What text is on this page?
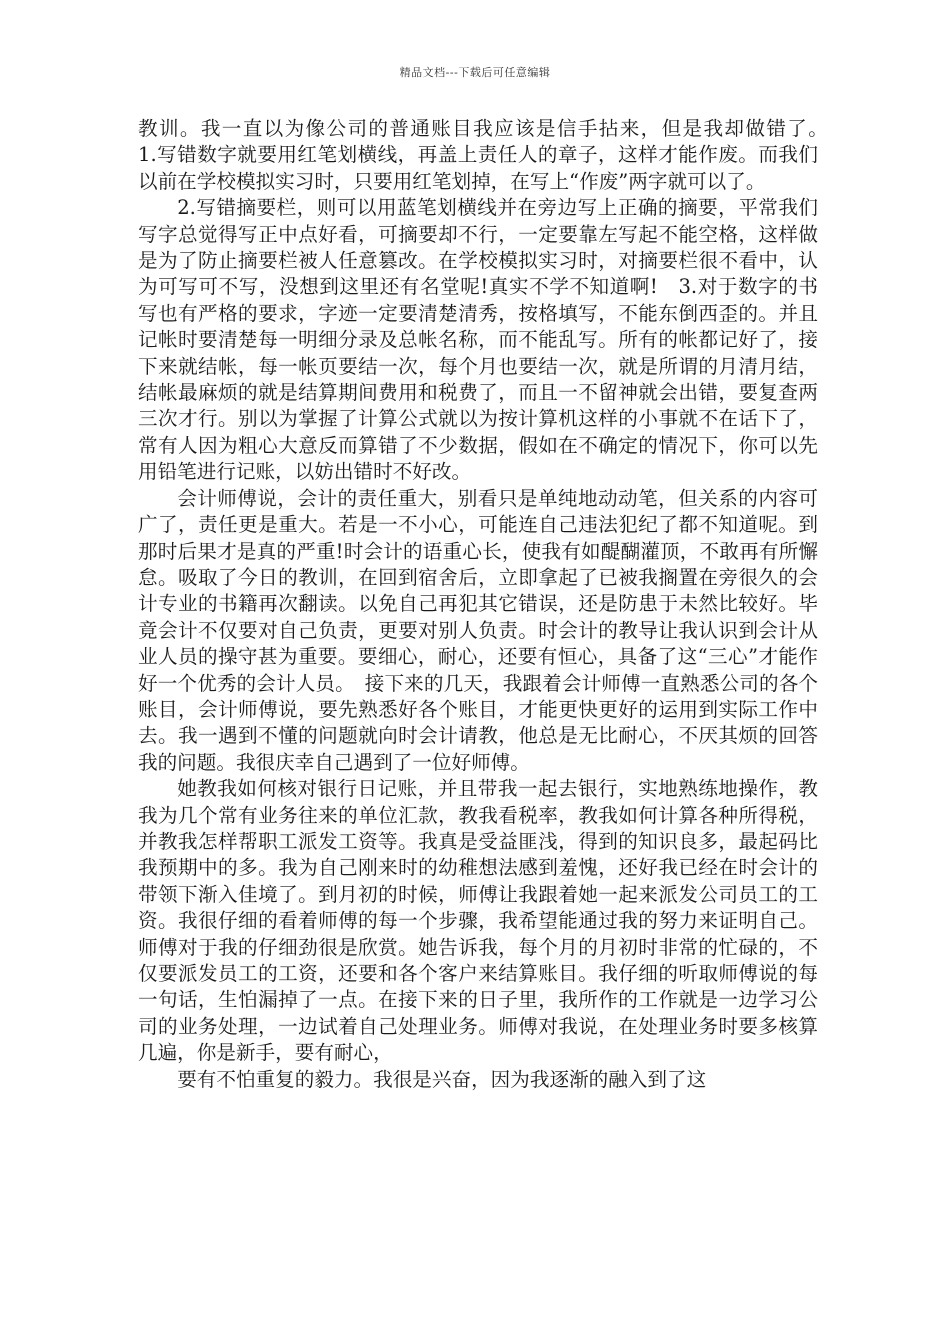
精品文档---下载后可任意编辑

教训。我一直以为像公司的普通账目我应该是信手拈来，但是我却做错了。　 1.写错数字就要用红笔划横线，再盖上责任人的章子，这样才能作废。而我们以前在学校模拟实习时，只要用红笔划掉，在写上“作废”两字就可以了。

2.写错摘要栏，则可以用蓝笔划横线并在旁边写上正确的摘要，平常我们写字总觉得写正中点好看，可摘要却不行，一定要靠左写起不能空格，这样做是为了防止摘要栏被人任意篡改。在学校模拟实习时，对摘要栏很不看中，认为可写可不写，没想到这里还有名堂呢!真实不学不知道啊!　3.对于数字的书写也有严格的要求，字迹一定要清楚清秀，按格填写，不能东倒西歪的。并且记帐时要清楚每一明细分录及总帐名称，而不能乱写。所有的帐都记好了，接下来就结帐，每一帐页要结一次，每个月也要结一次，就是所谓的月清月结，结帐最麻烦的就是结算期间费用和税费了，而且一不留神就会出错，要复查两三次才行。别以为掌握了计算公式就以为按计算机这样的小事就不在话下了，常有人因为粗心大意反而算错了不少数据，假如在不确定的情况下，你可以先用铅笔进行记账，以妨出错时不好改。

会计师傅说，会计的责任重大，别看只是单纯地动动笔，但关系的内容可广了，责任更是重大。若是一不小心，可能连自己违法犯纪了都不知道呢。到那时后果才是真的严重!时会计的语重心长，使我有如醍醐灌顶，不敢再有所懈怠。吸取了今日的教训，在回到宿舍后，立即拿起了已被我搁置在旁很久的会计专业的书籍再次翻读。以免自己再犯其它错误，还是防患于未然比较好。毕竟会计不仅要对自己负责，更要对别人负责。时会计的教导让我认识到会计从业人员的操守甚为重要。要细心，耐心，还要有恒心，具备了这“三心”才能作好一个优秀的会计人员。　接下来的几天，我跟着会计师傅一直熟悉公司的各个账目，会计师傅说，要先熟悉好各个账目，才能更快更好的运用到实际工作中去。我一遇到不懂的问题就向时会计请教，他总是无比耐心，不厌其烦的回答我的问题。我很庆幸自己遇到了一位好师傅。

她教我如何核对银行日记账，并且带我一起去银行，实地熟练地操作，教我为几个常有业务往来的单位汇款，教我看税率，教我如何计算各种所得税，并教我怎样帮职工派发工资等。我真是受益匪浅，得到的知识良多，最起码比我预期中的多。我为自己刚来时的幼稚想法感到羞愧，还好我已经在时会计的带领下渐入佳境了。到月初的时候，师傅让我跟着她一起来派发公司员工的工资。我很仔细的看着师傅的每一个步骤，我希望能通过我的努力来证明自己。师傅对于我的仔细劲很是欣赏。她告诉我，每个月的月初时非常的忙碌的，不仅要派发员工的工资，还要和各个客户来结算账目。我仔细的听取师傅说的每一句话，生怕漏掉了一点。在接下来的日子里，我所作的工作就是一边学习公司的业务处理，一边试着自己处理业务。师傅对我说，在处理业务时要多核算几遍，你是新手，要有耐心，

要有不怕重复的毅力。我很是兴奋，因为我逐渐的融入到了这
